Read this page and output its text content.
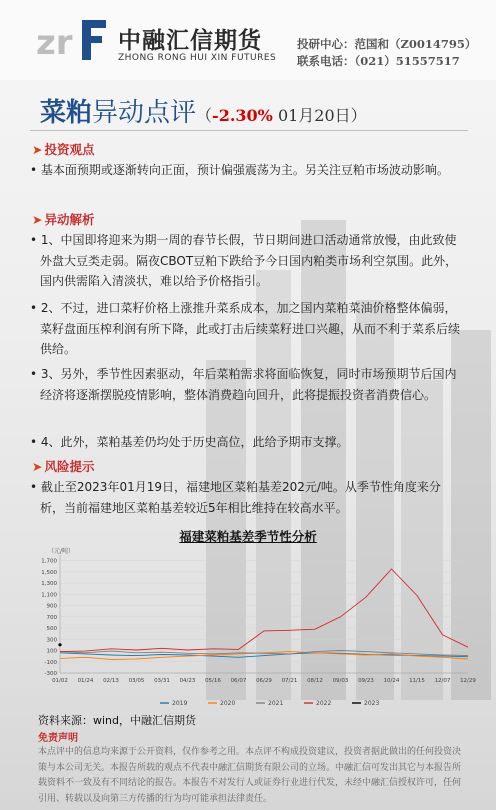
zr 中融汇信期货
ZHONG RONG HUI XIN FUTURES
投研中心：范国和（Z0014795）
联系电话：（021）51557517
菜粕异动点评（-2.30% 01月20日）
➤ 投资观点
• 基本面预期或逐渐转向正面，预计偏强震荡为主。另关注豆粕市场波动影响。
➤ 异动解析
• 1、中国即将迎来为期一周的春节长假，节日期间进口活动通常放慢，由此致使外盘大豆类走弱。隔夜CBOT豆粕下跌给予今日国内粕类市场利空氛围。此外，国内供需陷入清淡状，难以给予价格指引。
• 2、不过，进口菜籽价格上涨推升菜系成本，加之国内菜粕菜油价格整体偏弱，菜籽盘面压榨利润有所下降，此或打击后续菜籽进口兴趣，从而不利于菜系后续供给。
• 3、另外，季节性因素驱动，年后菜粕需求将面临恢复，同时市场预期节后国内经济将逐渐摆脱疫情影响，整体消费趋向回升，此将提振投资者消费信心。
• 4、此外，菜粕基差仍均处于历史高位，此给予期市支撑。
➤ 风险提示
• 截止至2023年01月19日，福建地区菜粕基差202元/吨。从季节性角度来分析，当前福建地区菜粕基差较近5年相比维持在较高水平。
福建菜粕基差季节性分析
（元/吨）
-300
-100
100
300
500
700
900
1,100
1,300
1,500
1,700
01/02 01/24 02/13 03/05 03/31 04/23 05/16 06/07 06/29 07/21 08/12 09/03 09/23 10/24 11/15 12/07 12/29
2019	2020	2021	2022	2023
资料来源：wind，中融汇信期货
免责声明
本点评中的信息均来源于公开资料，仅作参考之用。本点评不构成投资建议，投资者据此做出的任何投资决策与本公司无关。本报告所载的观点不代表中融汇信期货有限公司的立场。中融汇信可发出其它与本报告所载资料不一致及有不同结论的报告。本报告不对发行人或证券行业进行代发，未经中融汇信授权许可，任何引用、转载以及向第三方传播的行为均可能承担法律责任。
